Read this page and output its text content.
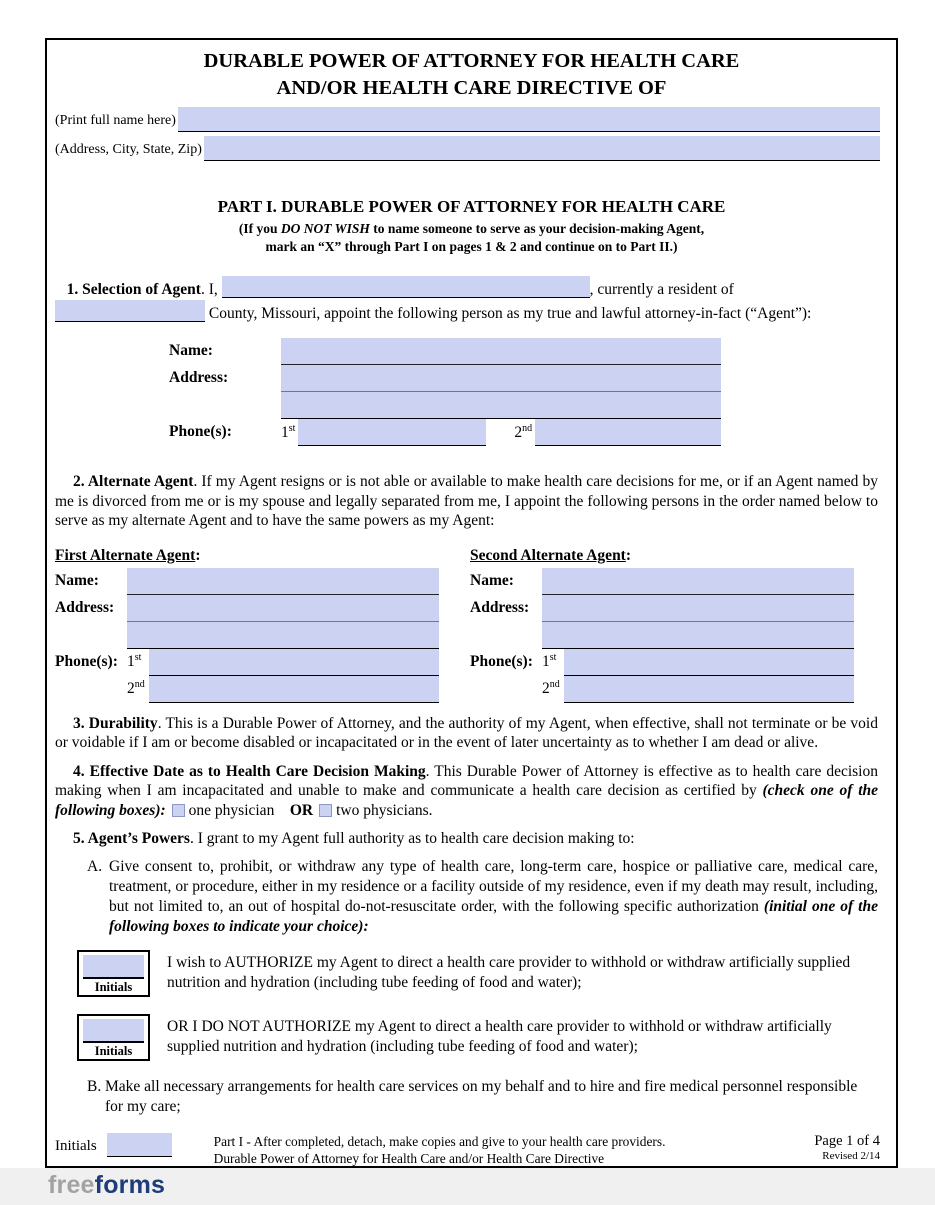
DURABLE POWER OF ATTORNEY FOR HEALTH CARE
AND/OR HEALTH CARE DIRECTIVE OF
(Print full name here)
(Address, City, State, Zip)
PART I. DURABLE POWER OF ATTORNEY FOR HEALTH CARE
(If you DO NOT WISH to name someone to serve as your decision-making Agent,
mark an “X” through Part I on pages 1 & 2 and continue on to Part II.)
1. Selection of Agent. I,	, currently a resident of
County, Missouri, appoint the following person as my true and lawful attorney-in-fact (“Agent”):
Name:
Address:
Phone(s):	1st	2nd

2. Alternate Agent. If my Agent resigns or is not able or available to make health care decisions for me, or if an Agent named by me is divorced from me or is my spouse and legally separated from me, I appoint the following persons in the order named below to serve as my alternate Agent and to have the same powers as my Agent:

First Alternate Agent:	Second Alternate Agent:
Name:
Address:
Phone(s): 1st
2nd
Name:
Address:
Phone(s): 1st
2nd

3. Durability. This is a Durable Power of Attorney, and the authority of my Agent, when effective, shall not terminate or be void or voidable if I am or become disabled or incapacitated or in the event of later uncertainty as to whether I am dead or alive.

4. Effective Date as to Health Care Decision Making. This Durable Power of Attorney is effective as to health care decision making when I am incapacitated and unable to make and communicate a health care decision as certified by (check one of the following boxes): one physician OR two physicians.

5. Agent’s Powers. I grant to my Agent full authority as to health care decision making to:

A. Give consent to, prohibit, or withdraw any type of health care, long-term care, hospice or palliative care, medical care, treatment, or procedure, either in my residence or a facility outside of my residence, even if my death may result, including, but not limited to, an out of hospital do-not-resuscitate order, with the following specific authorization (initial one of the following boxes to indicate your choice):
Initials
I wish to AUTHORIZE my Agent to direct a health care provider to withhold or withdraw artificially supplied nutrition and hydration (including tube feeding of food and water);
Initials
OR I DO NOT AUTHORIZE my Agent to direct a health care provider to withhold or withdraw artificially supplied nutrition and hydration (including tube feeding of food and water);
B. Make all necessary arrangements for health care services on my behalf and to hire and fire medical personnel responsible for my care;
Initials	Part I - After completed, detach, make copies and give to your health care providers.
Durable Power of Attorney for Health Care and/or Health Care Directive
Page 1 of 4
Revised 2/14
freeforms
